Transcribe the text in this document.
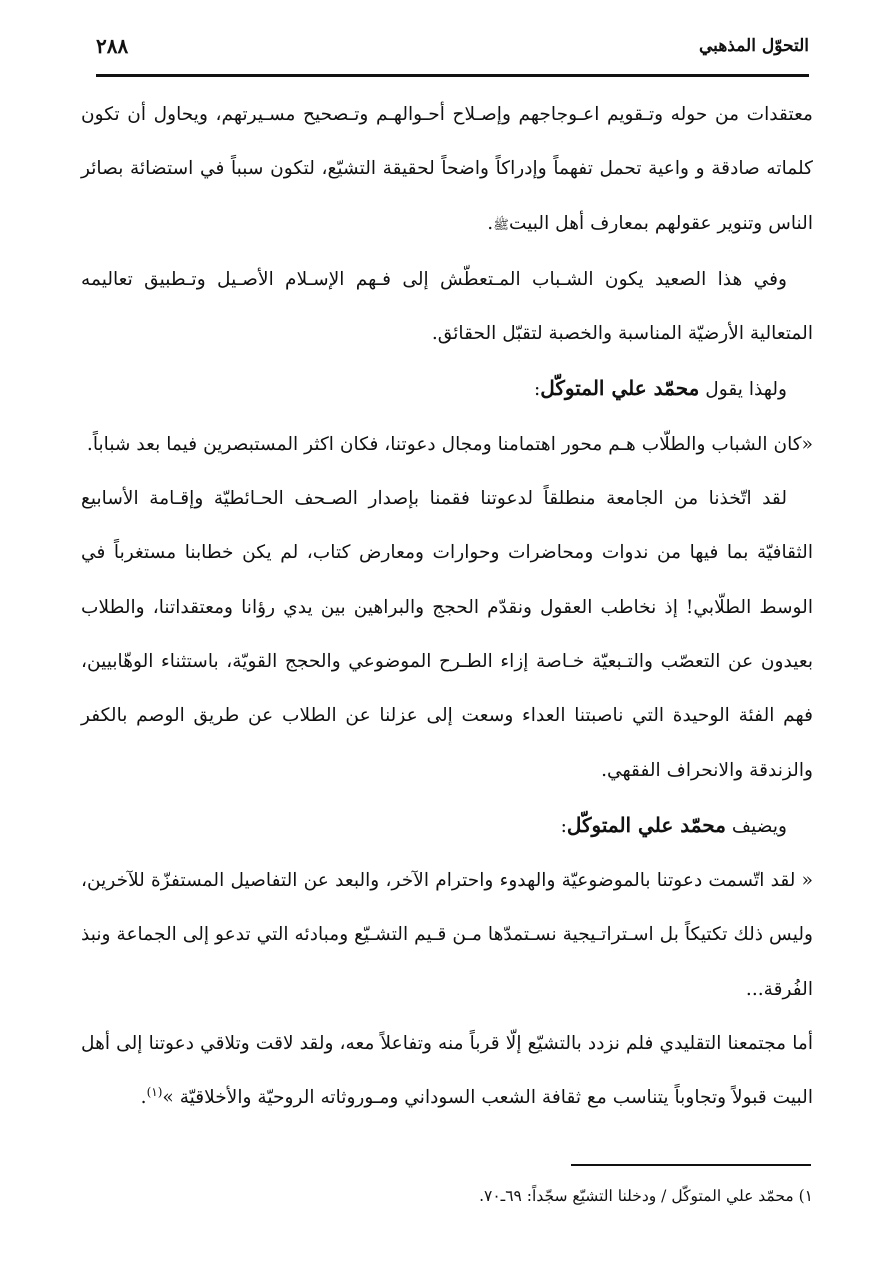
التحوّل المذهبي
٢٨٨

معتقدات من حوله وتـقويم اعـوجاجهم وإصـلاح أحـوالهـم وتـصحيح مسـيرتهم، ويحاول أن تكون كلماته صادقة و واعية تحمل تفهماً وإدراكاً واضحاً لحقيقة التشيّع، لتكون سبباً في استضائة بصائر الناس وتنوير عقولهم بمعارف أهل البيتﷺ.

وفي هذا الصعيد يكون الشـباب المـتعطّش إلى فـهم الإسـلام الأصـيل وتـطبيق تعاليمه المتعالية الأرضيّة المناسبة والخصبة لتقبّل الحقائق.

ولهذا يقول محمّد علي المتوكّل:

«كان الشباب والطلّاب هـم محور اهتمامنا ومجال دعوتنا، فكان اكثر المستبصرين فيما بعد شباباً.

لقد اتّخذنا من الجامعة منطلقاً لدعوتنا فقمنا بإصدار الصـحف الحـائطيّة وإقـامة الأسابيع الثقافيّة بما فيها من ندوات ومحاضرات وحوارات ومعارض كتاب، لم يكن خطابنا مستغرباً في الوسط الطلّابي! إذ نخاطب العقول ونقدّم الحجج والبراهين بين يدي رؤانا ومعتقداتنا، والطلاب بعيدون عن التعصّب والتـبعيّة خـاصة إزاء الطـرح الموضوعي والحجج القويّة، باستثناء الوهّابيين، فهم الفئة الوحيدة التي ناصبتنا العداء وسعت إلى عزلنا عن الطلاب عن طريق الوصم بالكفر والزندقة والانحراف الفقهي.

ويضيف محمّد علي المتوكّل:

« لقد اتّسمت دعوتنا بالموضوعيّة والهدوء واحترام الآخر، والبعد عن التفاصيل المستفزّة للآخرين، وليس ذلك تكتيكاً بل اسـتراتـيجية نسـتمدّها مـن قـيم التشـيّع ومبادئه التي تدعو إلى الجماعة ونبذ الفُرقة...

أما مجتمعنا التقليدي فلم نزدد بالتشيّع إلّا قرباً منه وتفاعلاً معه، ولقد لاقت وتلاقي دعوتنا إلى أهل البيت قبولاً وتجاوباً يتناسب مع ثقافة الشعب السوداني ومـوروثاته الروحيّة والأخلاقيّة »$^{(١)}$.

١) محمّد علي المتوكّل / ودخلنا التشيّع سجّداً: ٦٩ـ٧٠.
